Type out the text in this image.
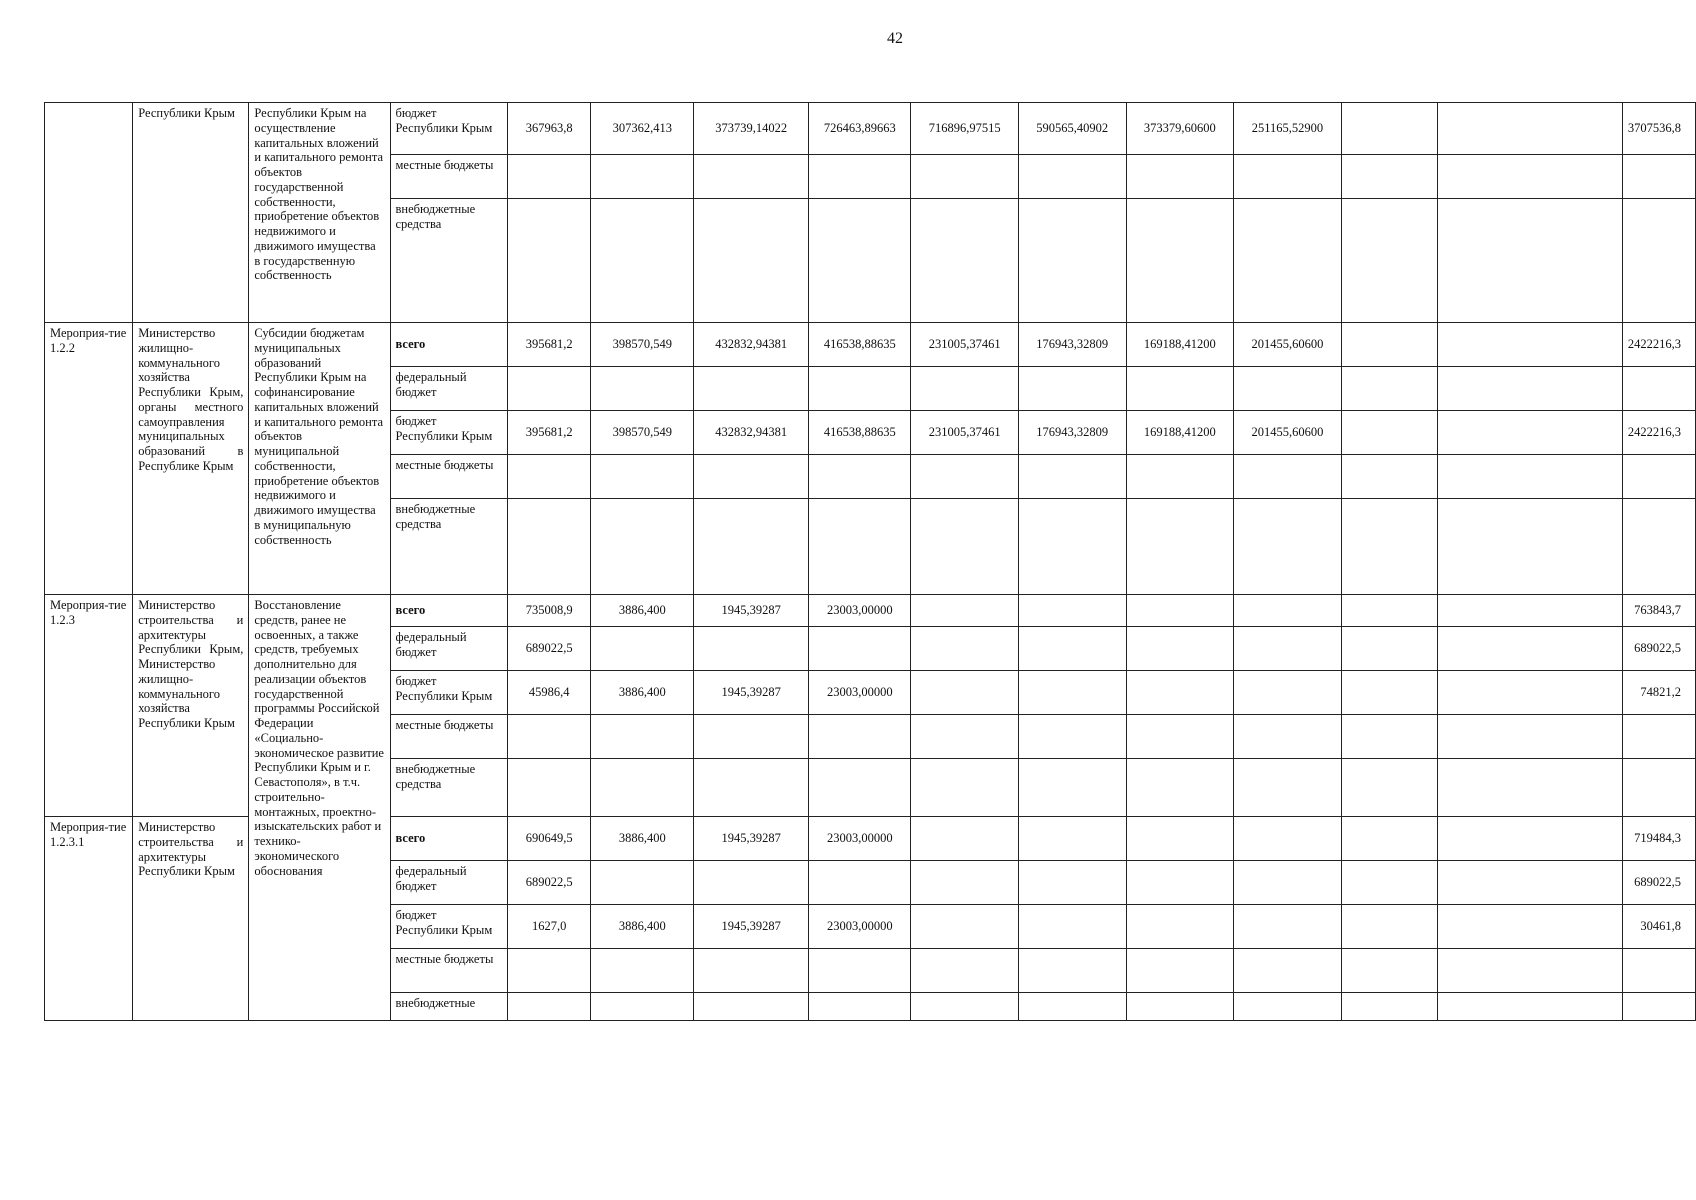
42
	Республики Крым	Республики Крым на осуществление капитальных вложений и капитального ремонта объектов государственной собственности, приобретение объектов недвижимого и движимого имущества в государственную собственность	бюджет Республики Крым	367963,8	307362,413	373739,14022	726463,89663	716896,97515	590565,40902	373379,60600	251165,52900			3707536,8
			местные бюджеты											
			внебюджетные средства											
Мероприя-тие 1.2.2	Министерство жилищно-коммунального хозяйства Республики Крым, органы местного самоуправления муниципальных образований в Республике Крым	Субсидии бюджетам муниципальных образований Республики Крым на софинансирование капитальных вложений и капитального ремонта объектов муниципальной собственности, приобретение объектов недвижимого и движимого имущества в муниципальную собственность	всего	395681,2	398570,549	432832,94381	416538,88635	231005,37461	176943,32809	169188,41200	201455,60600			2422216,3
			федеральный бюджет											
			бюджет Республики Крым	395681,2	398570,549	432832,94381	416538,88635	231005,37461	176943,32809	169188,41200	201455,60600			2422216,3
			местные бюджеты											
			внебюджетные средства											
Мероприя-тие 1.2.3	Министерство строительства и архитектуры Республики Крым, Министерство жилищно-коммунального хозяйства Республики Крым	Восстановление средств, ранее не освоенных, а также средств, требуемых дополнительно для реализации объектов государственной программы Российской Федерации «Социально-экономическое развитие Республики Крым и г. Севастополя», в т.ч. строительно-монтажных, проектно-изыскательских работ и технико-экономического обоснования	всего	735008,9	3886,400	1945,39287	23003,00000							763843,7
			федеральный бюджет	689022,5										689022,5
			бюджет Республики Крым	45986,4	3886,400	1945,39287	23003,00000							74821,2
			местные бюджеты											
			внебюджетные средства											
Мероприя-тие 1.2.3.1	Министерство строительства и архитектуры Республики Крым		всего	690649,5	3886,400	1945,39287	23003,00000							719484,3
			федеральный бюджет	689022,5										689022,5
			бюджет Республики Крым	1627,0	3886,400	1945,39287	23003,00000							30461,8
			местные бюджеты											
			внебюджетные											
